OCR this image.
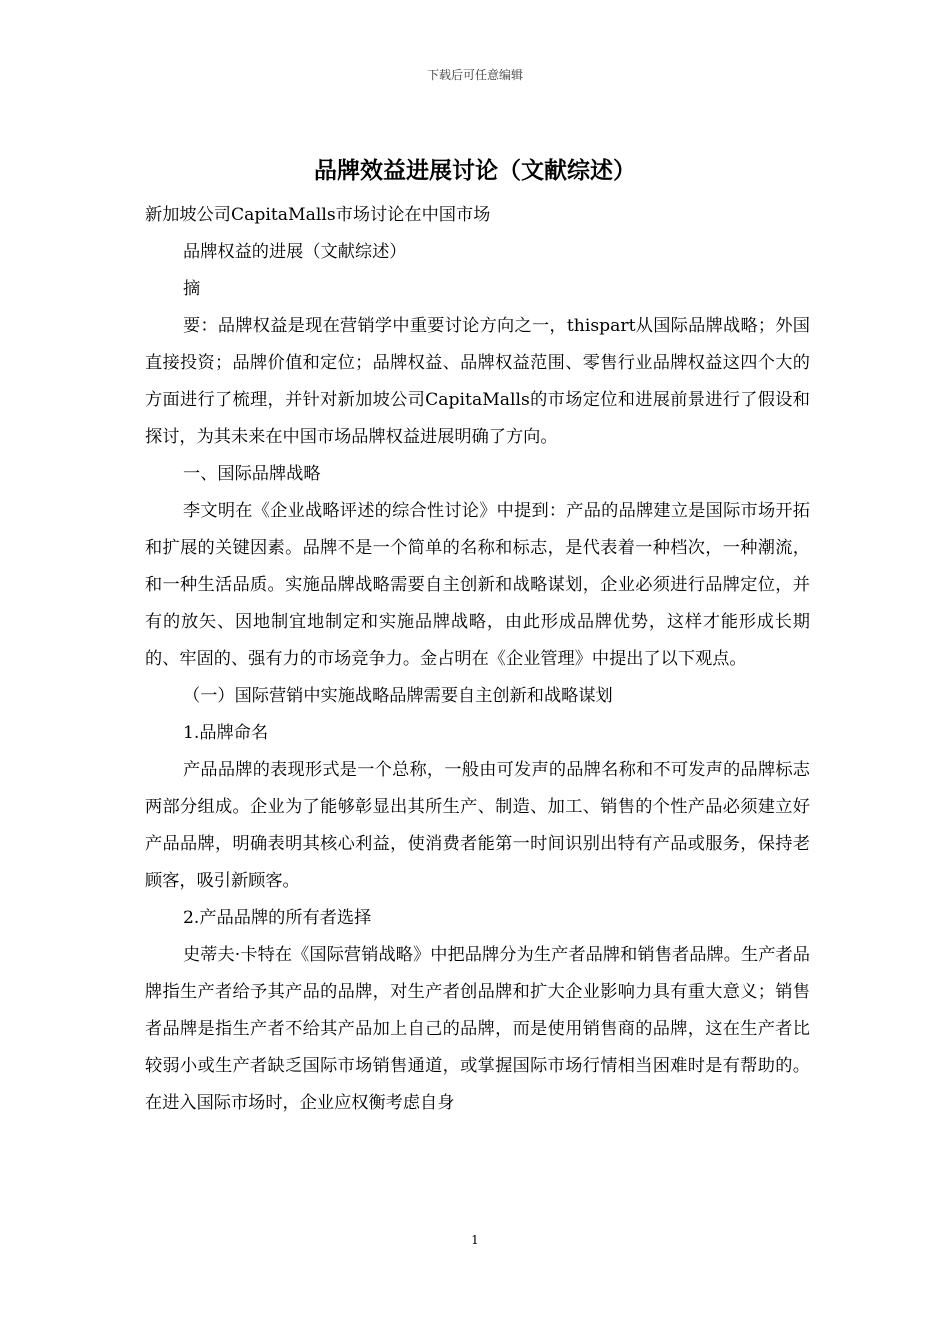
下载后可任意编辑
品牌效益进展讨论（文献综述）

新加坡公司CapitaMalls市场讨论在中国市场

品牌权益的进展（文献综述）

摘

要：品牌权益是现在营销学中重要讨论方向之一，thispart从国际品牌战略；外国直接投资；品牌价值和定位；品牌权益、品牌权益范围、零售行业品牌权益这四个大的方面进行了梳理，并针对新加坡公司CapitaMalls的市场定位和进展前景进行了假设和探讨，为其未来在中国市场品牌权益进展明确了方向。

一、国际品牌战略

李文明在《企业战略评述的综合性讨论》中提到：产品的品牌建立是国际市场开拓和扩展的关键因素。品牌不是一个简单的名称和标志，是代表着一种档次，一种潮流，和一种生活品质。实施品牌战略需要自主创新和战略谋划，企业必须进行品牌定位，并有的放矢、因地制宜地制定和实施品牌战略，由此形成品牌优势，这样才能形成长期的、牢固的、强有力的市场竞争力。金占明在《企业管理》中提出了以下观点。

（一）国际营销中实施战略品牌需要自主创新和战略谋划

1.品牌命名

产品品牌的表现形式是一个总称，一般由可发声的品牌名称和不可发声的品牌标志两部分组成。企业为了能够彰显出其所生产、制造、加工、销售的个性产品必须建立好产品品牌，明确表明其核心利益，使消费者能第一时间识别出特有产品或服务，保持老顾客，吸引新顾客。

2.产品品牌的所有者选择

史蒂夫·卡特在《国际营销战略》中把品牌分为生产者品牌和销售者品牌。生产者品牌指生产者给予其产品的品牌，对生产者创品牌和扩大企业影响力具有重大意义；销售者品牌是指生产者不给其产品加上自己的品牌，而是使用销售商的品牌，这在生产者比较弱小或生产者缺乏国际市场销售通道，或掌握国际市场行情相当困难时是有帮助的。在进入国际市场时，企业应权衡考虑自身

1
